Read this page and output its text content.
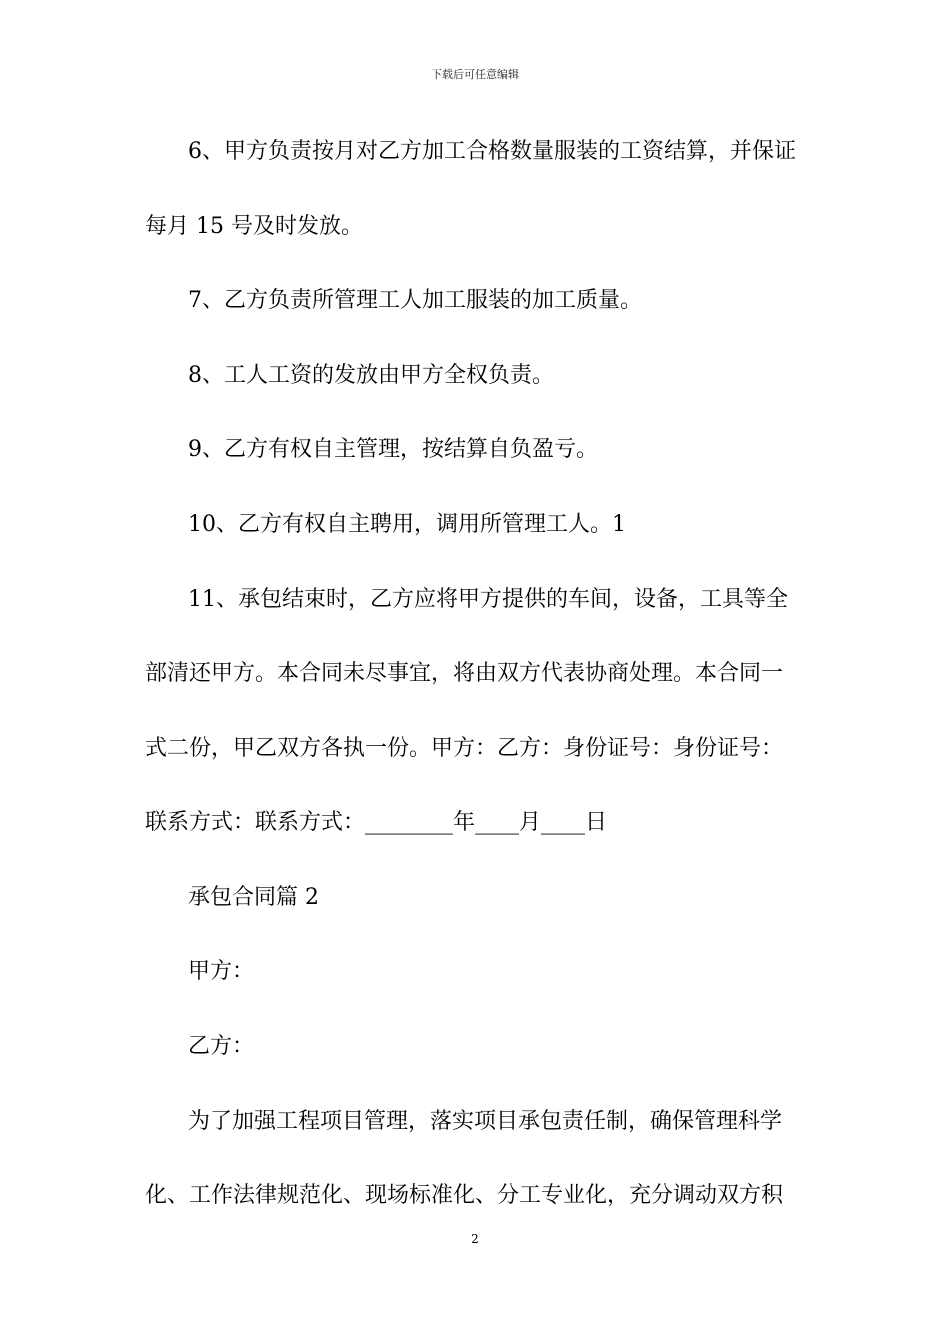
下载后可任意编辑
6、甲方负责按月对乙方加工合格数量服装的工资结算，并保证
每月 15 号及时发放。
7、乙方负责所管理工人加工服装的加工质量。
8、工人工资的发放由甲方全权负责。
9、乙方有权自主管理，按结算自负盈亏。
10、乙方有权自主聘用，调用所管理工人。1
11、承包结束时，乙方应将甲方提供的车间，设备，工具等全
部清还甲方。本合同未尽事宜，将由双方代表协商处理。本合同一
式二份，甲乙双方各执一份。甲方：乙方：身份证号：身份证号：
联系方式：联系方式：________年____月____日
承包合同篇 2
甲方：
乙方：
为了加强工程项目管理，落实项目承包责任制，确保管理科学
化、工作法律规范化、现场标准化、分工专业化，充分调动双方积
2
